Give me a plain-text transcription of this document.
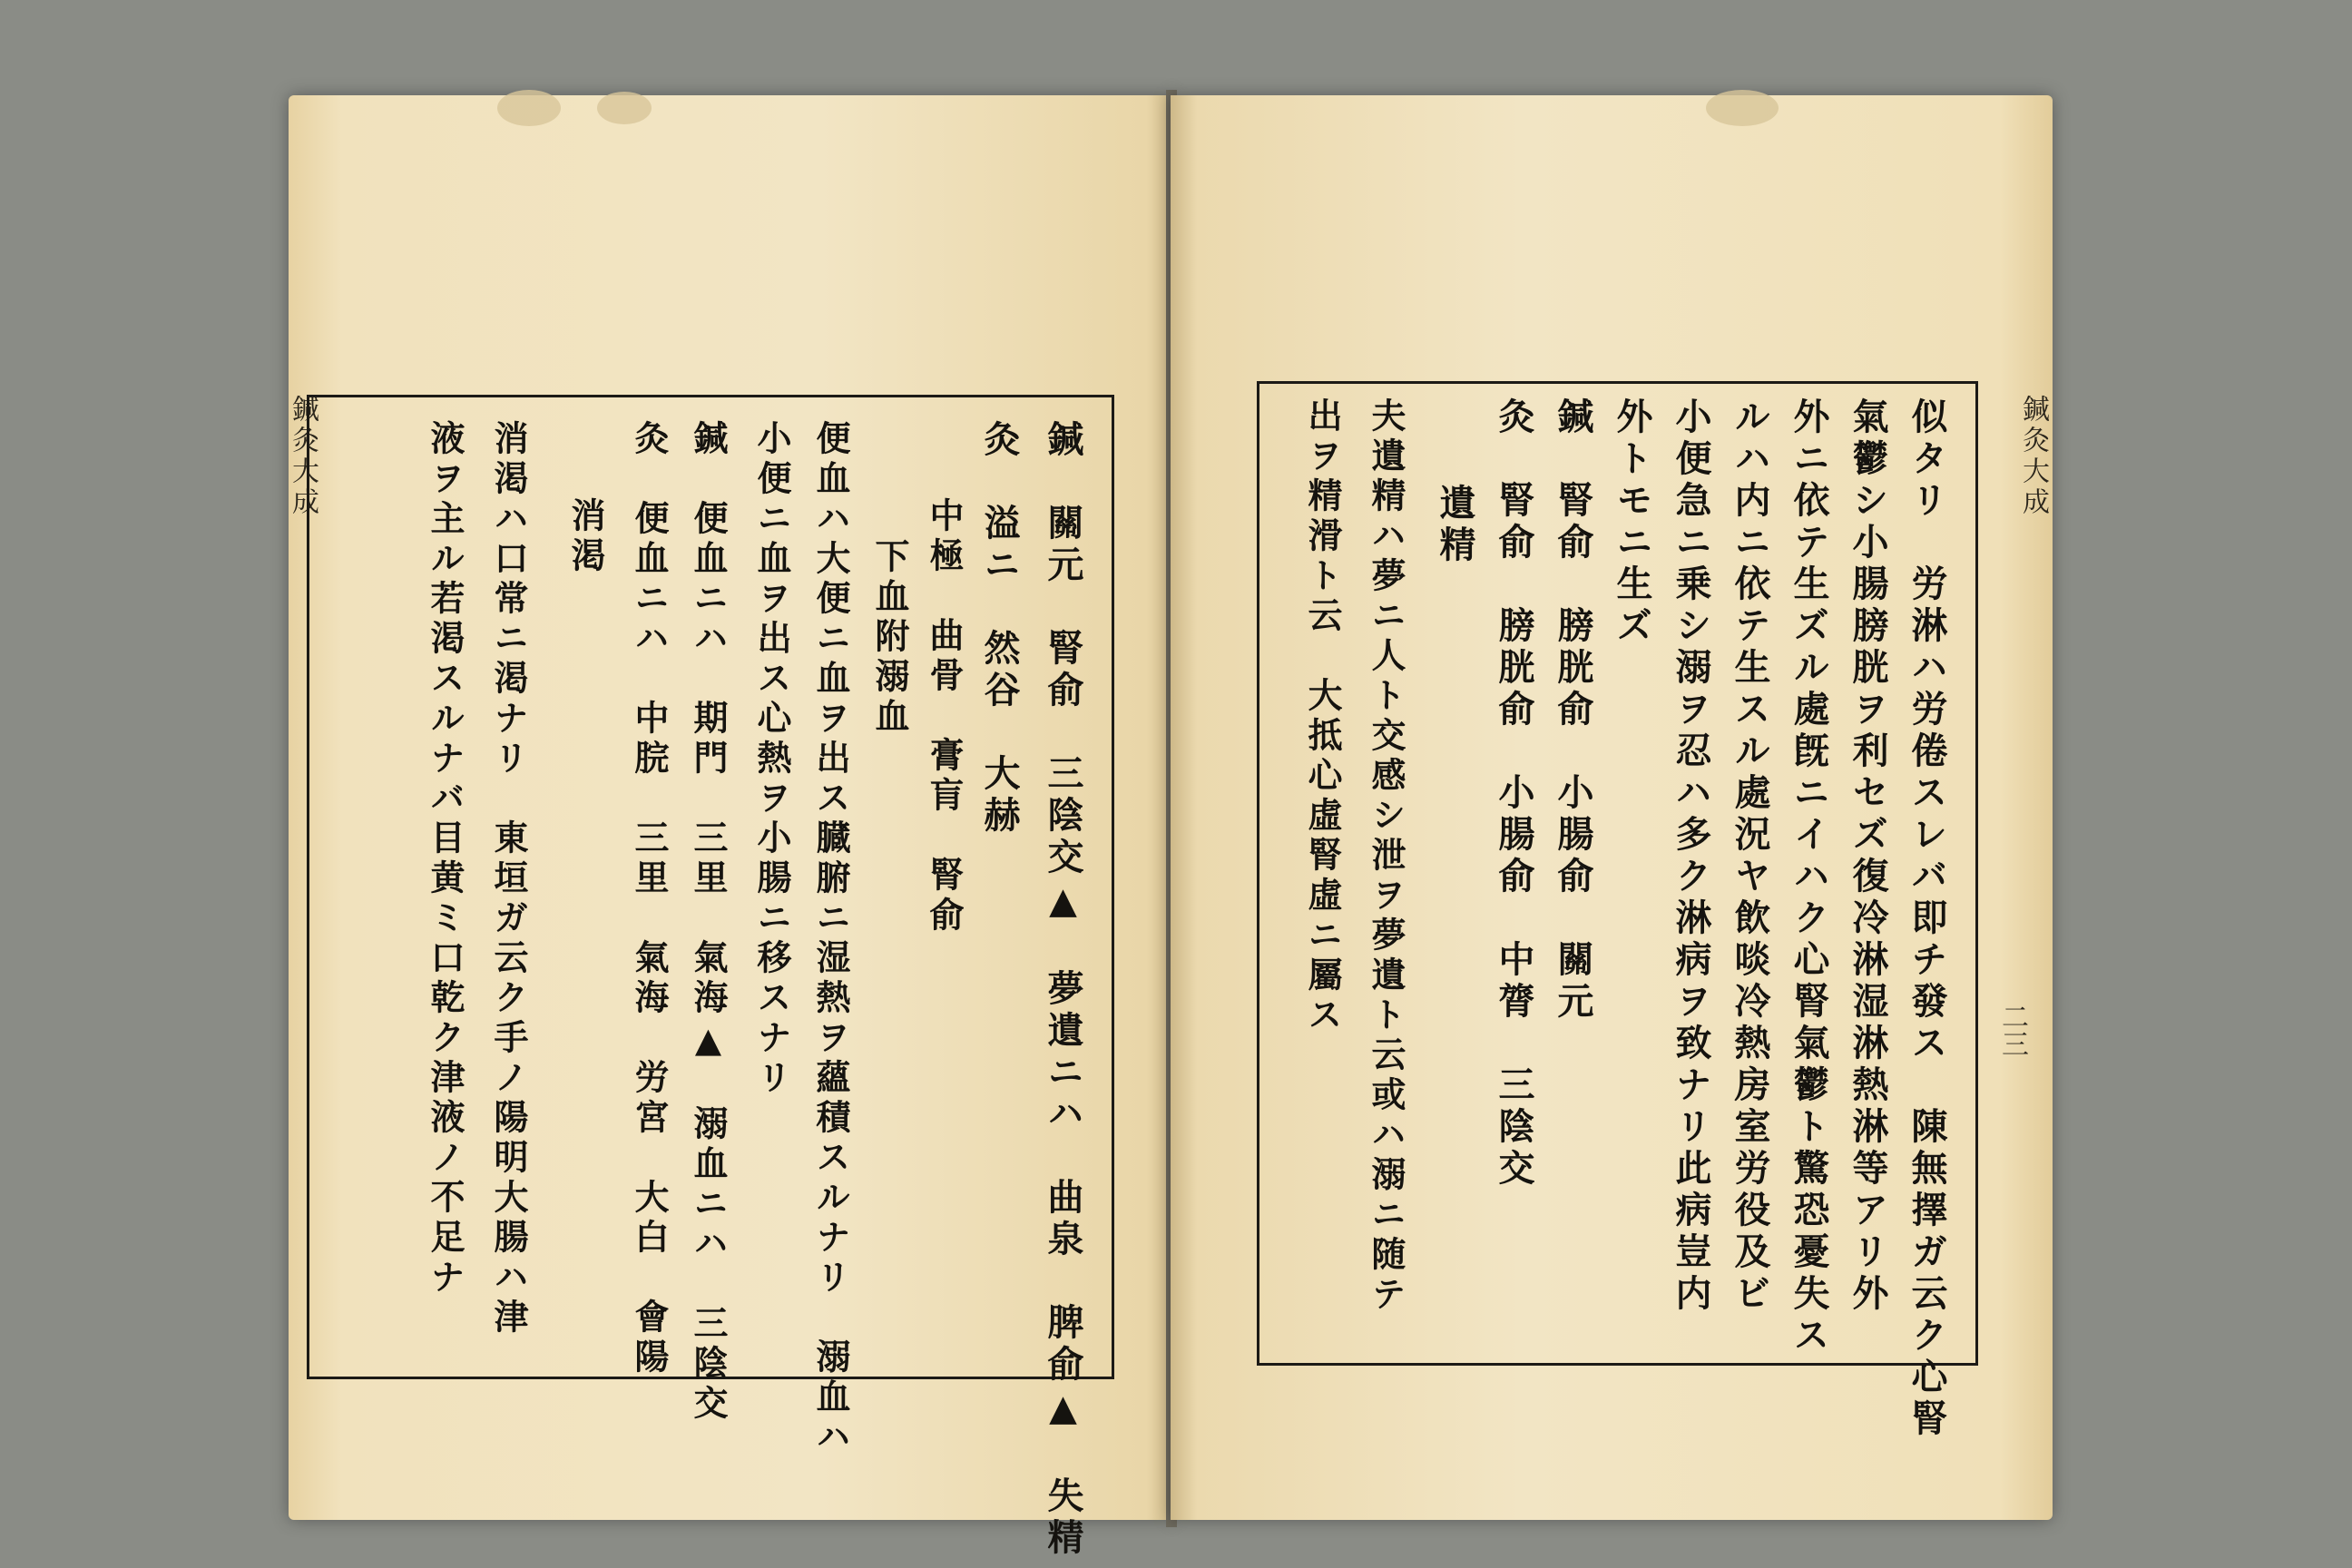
鍼灸大成	鍼　關元　腎俞　三陰交▲　夢遺ニハ　曲泉　脾俞▲　失精
灸　溢ニ　然谷　大赫
中極　曲骨　膏肓　腎俞
下血附溺血
便血ハ大便ニ血ヲ出ス臓腑ニ湿熱ヲ蘊積スルナリ　溺血ハ
小便ニ血ヲ出ス心熱ヲ小腸ニ移スナリ
鍼　便血ニハ　期門　三里　氣海▲　溺血ニハ　三陰交
灸　便血ニハ　中脘　三里　氣海　労宮　大白　會陽
消渇
消渇ハ口常ニ渇ナリ　東垣ガ云ク手ノ陽明大腸ハ津
液ヲ主ル若渇スルナバ目黄ミ口乾ク津液ノ不足ナ	鍼灸大成
二三
似タリ　労淋ハ労倦スレバ即チ發ス　陳無擇ガ云ク心腎
氣鬱シ小腸膀胱ヲ利セズ復冷淋湿淋熱淋等アリ外
外ニ依テ生ズル處旣ニイハク心腎氣鬱ト驚恐憂失ス
ルハ内ニ依テ生スル處況ヤ飲啖冷熱房室労役及ビ
小便急ニ乗シ溺ヲ忍ハ多ク淋病ヲ致ナリ此病豈内
外トモニ生ズ
鍼　腎俞　膀胱俞　小腸俞　關元
灸　腎俞　膀胱俞　小腸俞　中膂　三陰交
遺精
夫遺精ハ夢ニ人ト交感シ泄ヲ夢遺ト云或ハ溺ニ随テ
出ヲ精滑ト云　大抵心虛腎虛ニ屬ス
